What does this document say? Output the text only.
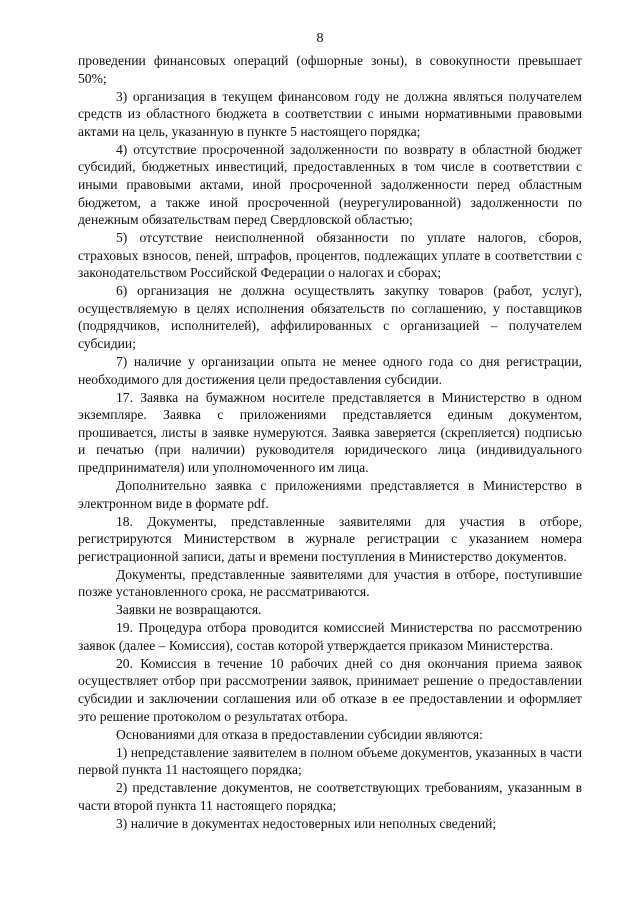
8

проведении финансовых операций (офшорные зоны), в совокупности превышает 50%;

3) организация в текущем финансовом году не должна являться получателем средств из областного бюджета в соответствии с иными нормативными правовыми актами на цель, указанную в пункте 5 настоящего порядка;

4) отсутствие просроченной задолженности по возврату в областной бюджет субсидий, бюджетных инвестиций, предоставленных в том числе в соответствии с иными правовыми актами, иной просроченной задолженности перед областным бюджетом, а также иной просроченной (неурегулированной) задолженности по денежным обязательствам перед Свердловской областью;

5) отсутствие неисполненной обязанности по уплате налогов, сборов, страховых взносов, пеней, штрафов, процентов, подлежащих уплате в соответствии с законодательством Российской Федерации о налогах и сборах;

6) организация не должна осуществлять закупку товаров (работ, услуг), осуществляемую в целях исполнения обязательств по соглашению, у поставщиков (подрядчиков, исполнителей), аффилированных с организацией – получателем субсидии;

7) наличие у организации опыта не менее одного года со дня регистрации, необходимого для достижения цели предоставления субсидии.

17. Заявка на бумажном носителе представляется в Министерство в одном экземпляре. Заявка с приложениями представляется единым документом, прошивается, листы в заявке нумеруются. Заявка заверяется (скрепляется) подписью и печатью (при наличии) руководителя юридического лица (индивидуального предпринимателя) или уполномоченного им лица.

Дополнительно заявка с приложениями представляется в Министерство в электронном виде в формате pdf.

18. Документы, представленные заявителями для участия в отборе, регистрируются Министерством в журнале регистрации с указанием номера регистрационной записи, даты и времени поступления в Министерство документов.

Документы, представленные заявителями для участия в отборе, поступившие позже установленного срока, не рассматриваются.

Заявки не возвращаются.

19. Процедура отбора проводится комиссией Министерства по рассмотрению заявок (далее – Комиссия), состав которой утверждается приказом Министерства.

20. Комиссия в течение 10 рабочих дней со дня окончания приема заявок осуществляет отбор при рассмотрении заявок, принимает решение о предоставлении субсидии и заключении соглашения или об отказе в ее предоставлении и оформляет это решение протоколом о результатах отбора.

Основаниями для отказа в предоставлении субсидии являются:

1) непредставление заявителем в полном объеме документов, указанных в части первой пункта 11 настоящего порядка;

2) представление документов, не соответствующих требованиям, указанным в части второй пункта 11 настоящего порядка;

3) наличие в документах недостоверных или неполных сведений;
